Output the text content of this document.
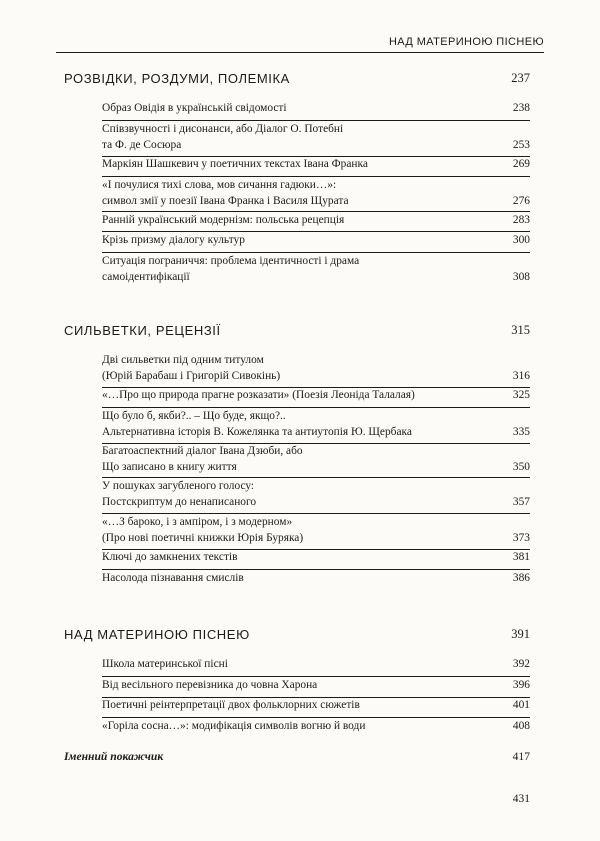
НАД МАТЕРИНОЮ ПІСНЕЮ
РОЗВІДКИ, РОЗДУМИ, ПОЛЕМІКА	237
Образ Овідія в українській свідомості	238
Співзвучності і дисонанси, або Діалог О. Потебні
та Ф. де Сосюра	253
Маркіян Шашкевич у поетичних текстах Івана Франка	269
«І почулися тихі слова, мов сичання гадюки…»:
символ змії у поезії Івана Франка і Василя Щурата	276
Ранній український модернізм: польська рецепція	283
Крізь призму діалогу культур	300
Ситуація пограниччя: проблема ідентичності і драма
самоідентифікації	308
СИЛЬВЕТКИ, РЕЦЕНЗІЇ	315
Дві сильветки під одним титулом
(Юрій Барабаш і Григорій Сивокінь)	316
«…Про що природа прагне розказати» (Поезія Леоніда Талалая)	325
Що було б, якби?.. – Що буде, якщо?..
Альтернативна історія В. Кожелянка та антиутопія Ю. Щербака	335
Багатоаспектний діалог Івана Дзюби, або
Що записано в книгу життя	350
У пошуках загубленого голосу:
Постскриптум до ненаписаного	357
«…З бароко, і з ампіром, і з модерном»
(Про нові поетичні книжки Юрія Буряка)	373
Ключі до замкнених текстів	381
Насолода пізнавання смислів	386
НАД МАТЕРИНОЮ ПІСНЕЮ	391
Школа материнської пісні	392
Від весільного перевізника до човна Харона	396
Поетичні реінтерпретації двох фольклорних сюжетів	401
«Горіла сосна…»: модифікація символів вогню й води	408
Іменний покажчик	417
431
